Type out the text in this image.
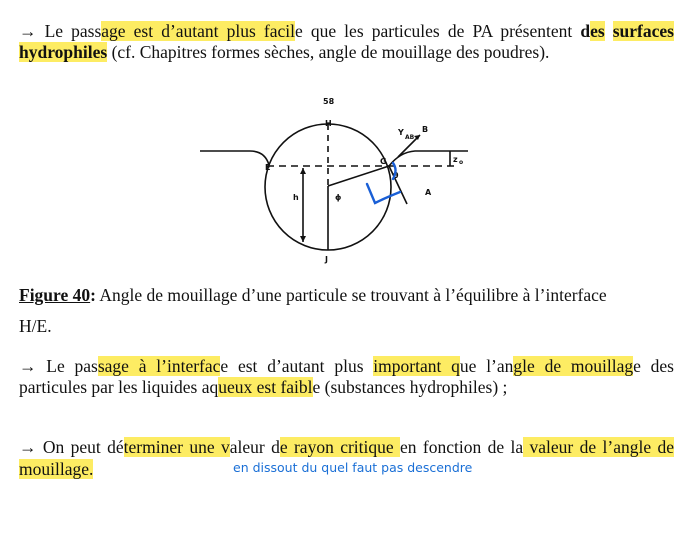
→ Le passage est d’autant plus facile que les particules de PA présentent des surfaces hydrophiles (cf. Chapitres formes sèches, angle de mouillage des poudres).
58
H
J
E
G
B
A
h	ϕ
θ
Y
AB
z o
Figure 40: Angle de mouillage d’une particule se trouvant à l’équilibre à l’interface
H/E.
→ Le passage à l’interface est d’autant plus important que l’angle de mouillage des particules par les liquides aqueux est faible (substances hydrophiles) ;
→ On peut déterminer une valeur de rayon critique en fonction de la valeur de l’angle de mouillage.	en dissout du quel faut pas descendre
